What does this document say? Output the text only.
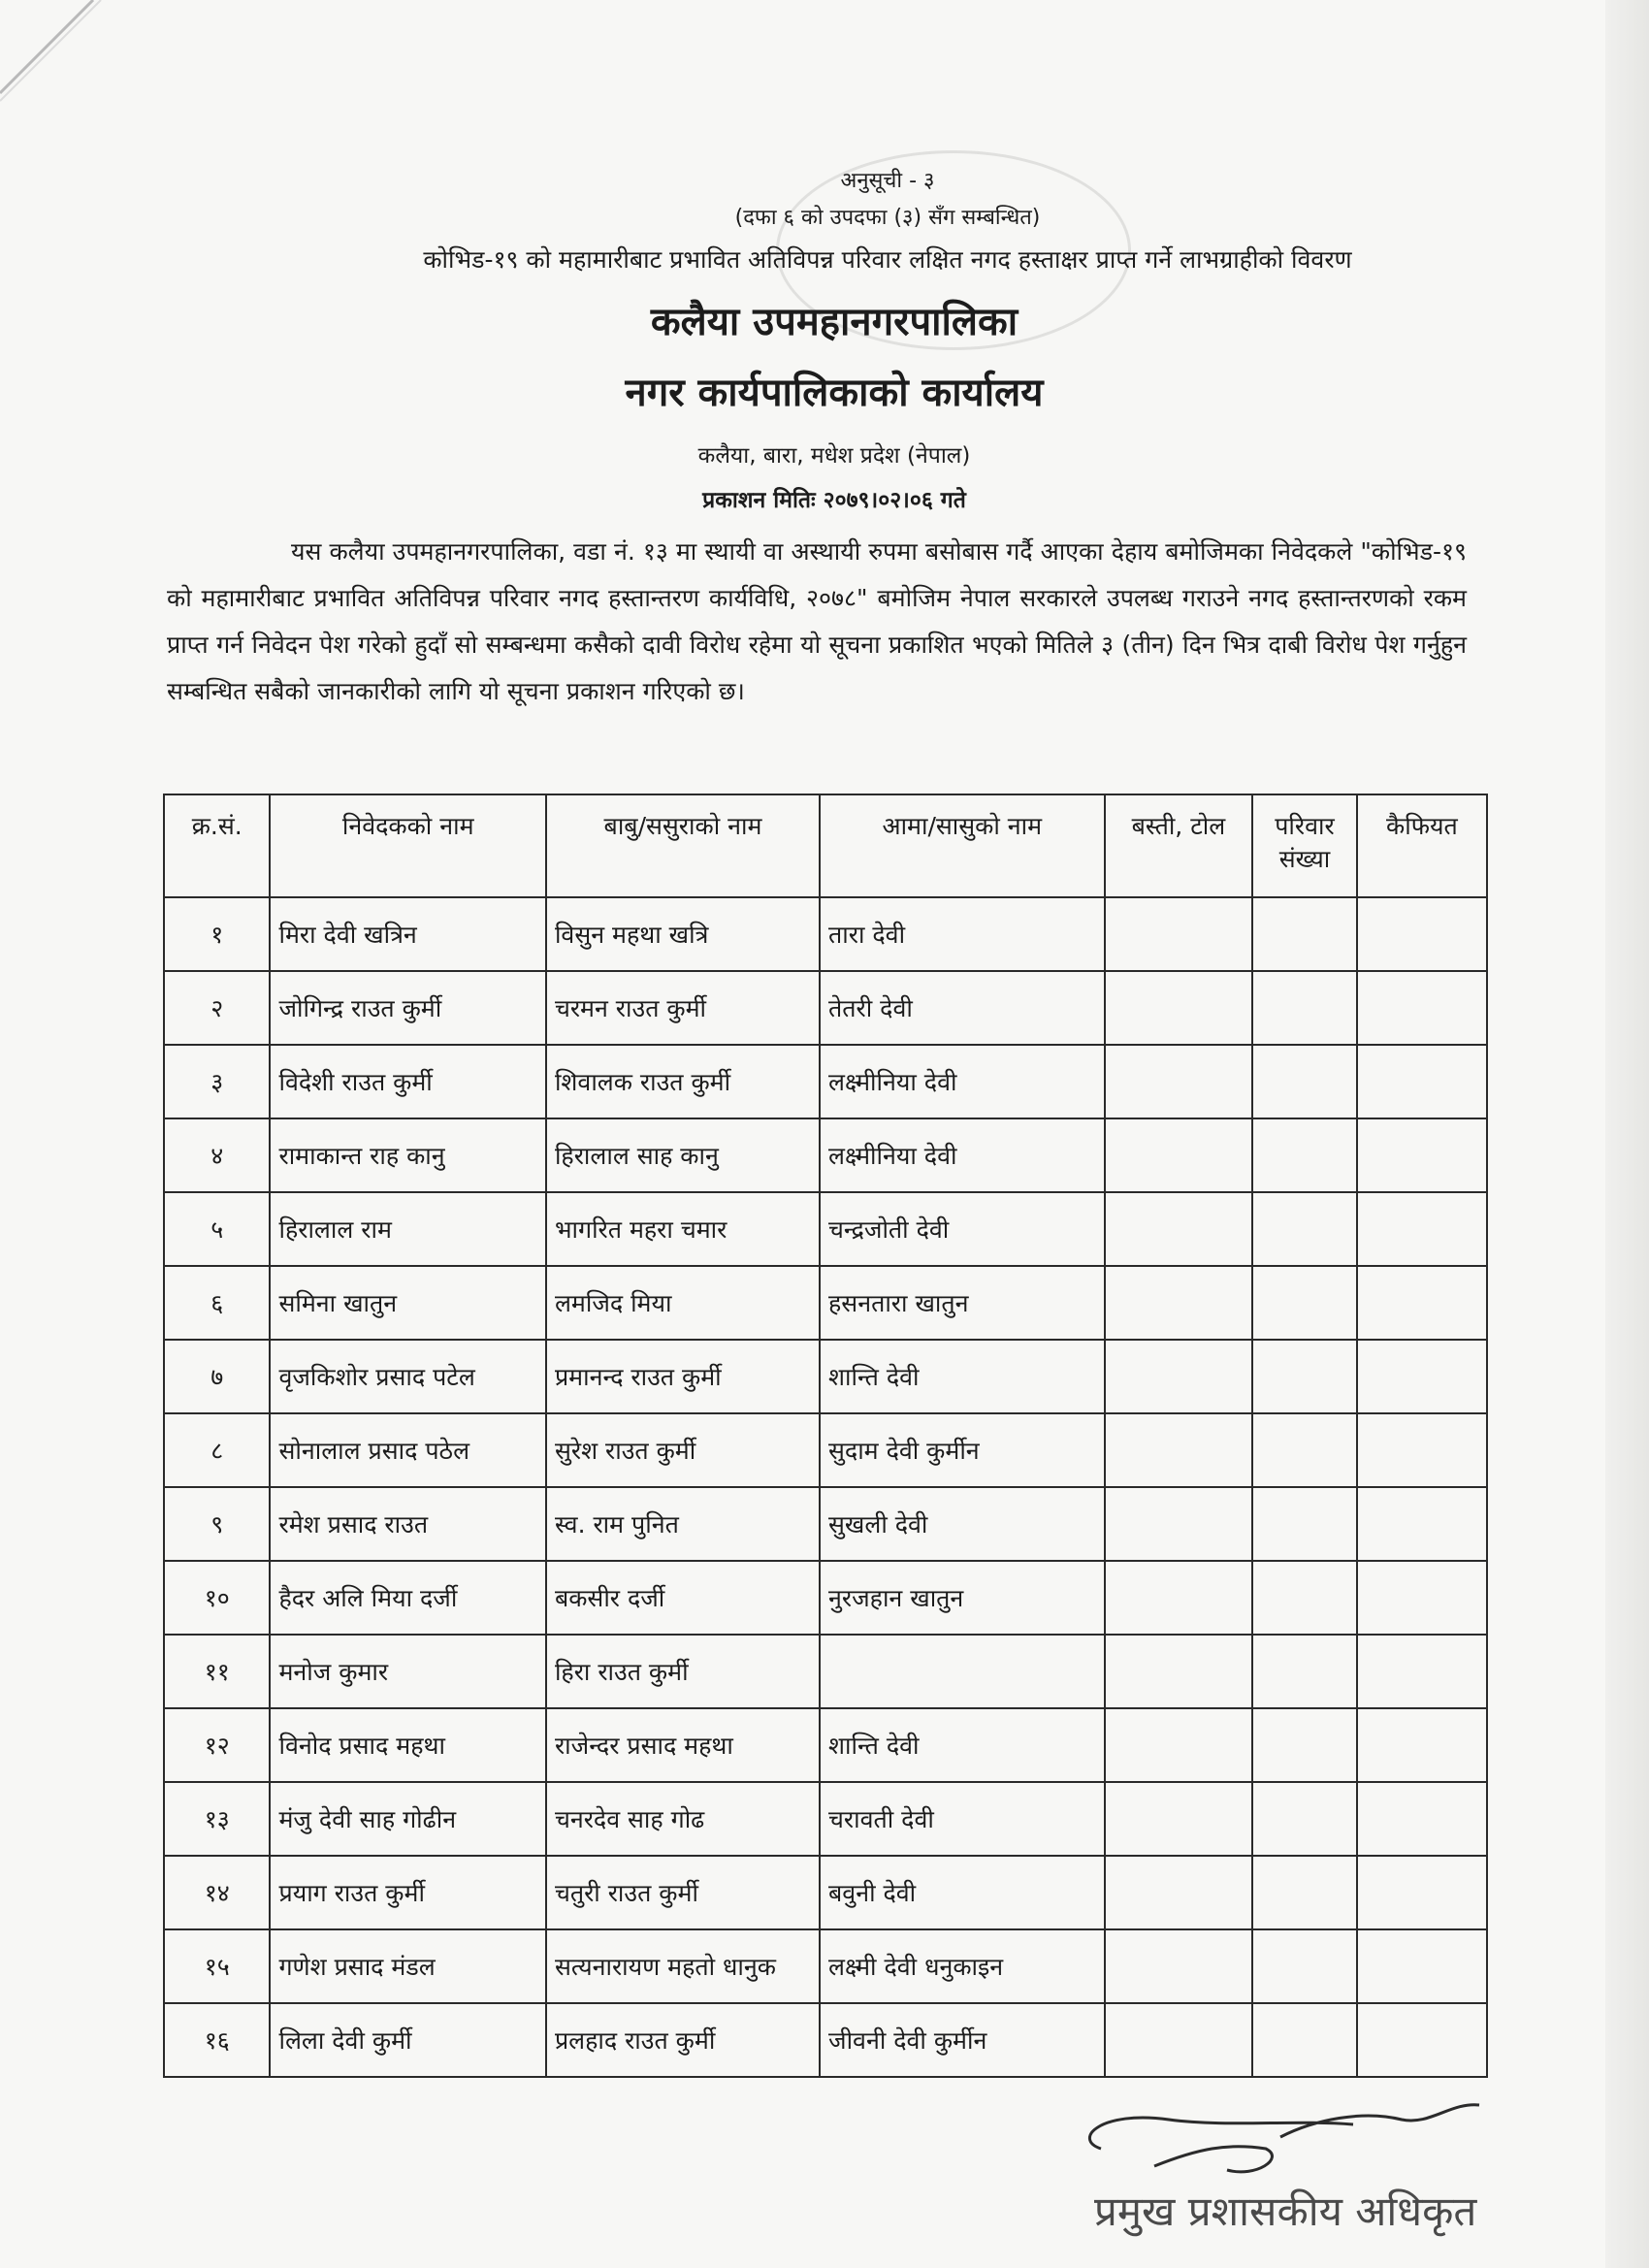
अनुसूची - ३
(दफा ६ को उपदफा (३) सँग सम्बन्धित)
कोभिड-१९ को महामारीबाट प्रभावित अतिविपन्न परिवार लक्षित नगद हस्ताक्षर प्राप्त गर्ने लाभग्राहीको विवरण
कलैया उपमहानगरपालिका
नगर कार्यपालिकाको कार्यालय
कलैया, बारा, मधेश प्रदेश (नेपाल)
प्रकाशन मितिः २०७९।०२।०६ गते
यस कलैया उपमहानगरपालिका, वडा नं. १३ मा स्थायी वा अस्थायी रुपमा बसोबास गर्दै आएका देहाय बमोजिमका निवेदकले "कोभिड-१९ को महामारीबाट प्रभावित अतिविपन्न परिवार नगद हस्तान्तरण कार्यविधि, २०७८" बमोजिम नेपाल सरकारले उपलब्ध गराउने नगद हस्तान्तरणको रकम प्राप्त गर्न निवेदन पेश गरेको हुदाँ सो सम्बन्धमा कसैको दावी विरोध रहेमा यो सूचना प्रकाशित भएको मितिले ३ (तीन) दिन भित्र दाबी विरोध पेश गर्नुहुन सम्बन्धित सबैको जानकारीको लागि यो सूचना प्रकाशन गरिएको छ।
क्र.सं.	निवेदकको नाम	बाबु/ससुराको नाम	आमा/सासुको नाम	बस्ती, टोल	परिवार संख्या	कैफियत
१	मिरा देवी खत्रिन	विसुन महथा खत्रि	तारा देवी			
२	जोगिन्द्र राउत कुर्मी	चरमन राउत कुर्मी	तेतरी देवी			
३	विदेशी राउत कुर्मी	शिवालक राउत कुर्मी	लक्ष्मीनिया देवी			
४	रामाकान्त राह कानु	हिरालाल साह कानु	लक्ष्मीनिया देवी			
५	हिरालाल राम	भागरित महरा चमार	चन्द्रजोती देवी			
६	समिना खातुन	लमजिद मिया	हसनतारा खातुन			
७	वृजकिशोर प्रसाद पटेल	प्रमानन्द राउत कुर्मी	शान्ति देवी			
८	सोनालाल प्रसाद पठेल	सुरेश राउत कुर्मी	सुदाम देवी कुर्मीन			
९	रमेश प्रसाद राउत	स्व. राम पुनित	सुखली देवी			
१०	हैदर अलि मिया दर्जी	बकसीर दर्जी	नुरजहान खातुन			
११	मनोज कुमार	हिरा राउत कुर्मी				
१२	विनोद प्रसाद महथा	राजेन्दर प्रसाद महथा	शान्ति देवी			
१३	मंजु देवी साह गोढीन	चनरदेव साह गोढ	चरावती देवी			
१४	प्रयाग राउत कुर्मी	चतुरी राउत कुर्मी	बवुनी देवी			
१५	गणेश प्रसाद मंडल	सत्यनारायण महतो धानुक	लक्ष्मी देवी धनुकाइन			
१६	लिला देवी कुर्मी	प्रलहाद राउत कुर्मी	जीवनी देवी कुर्मीन			
प्रमुख प्रशासकीय अधिकृत
